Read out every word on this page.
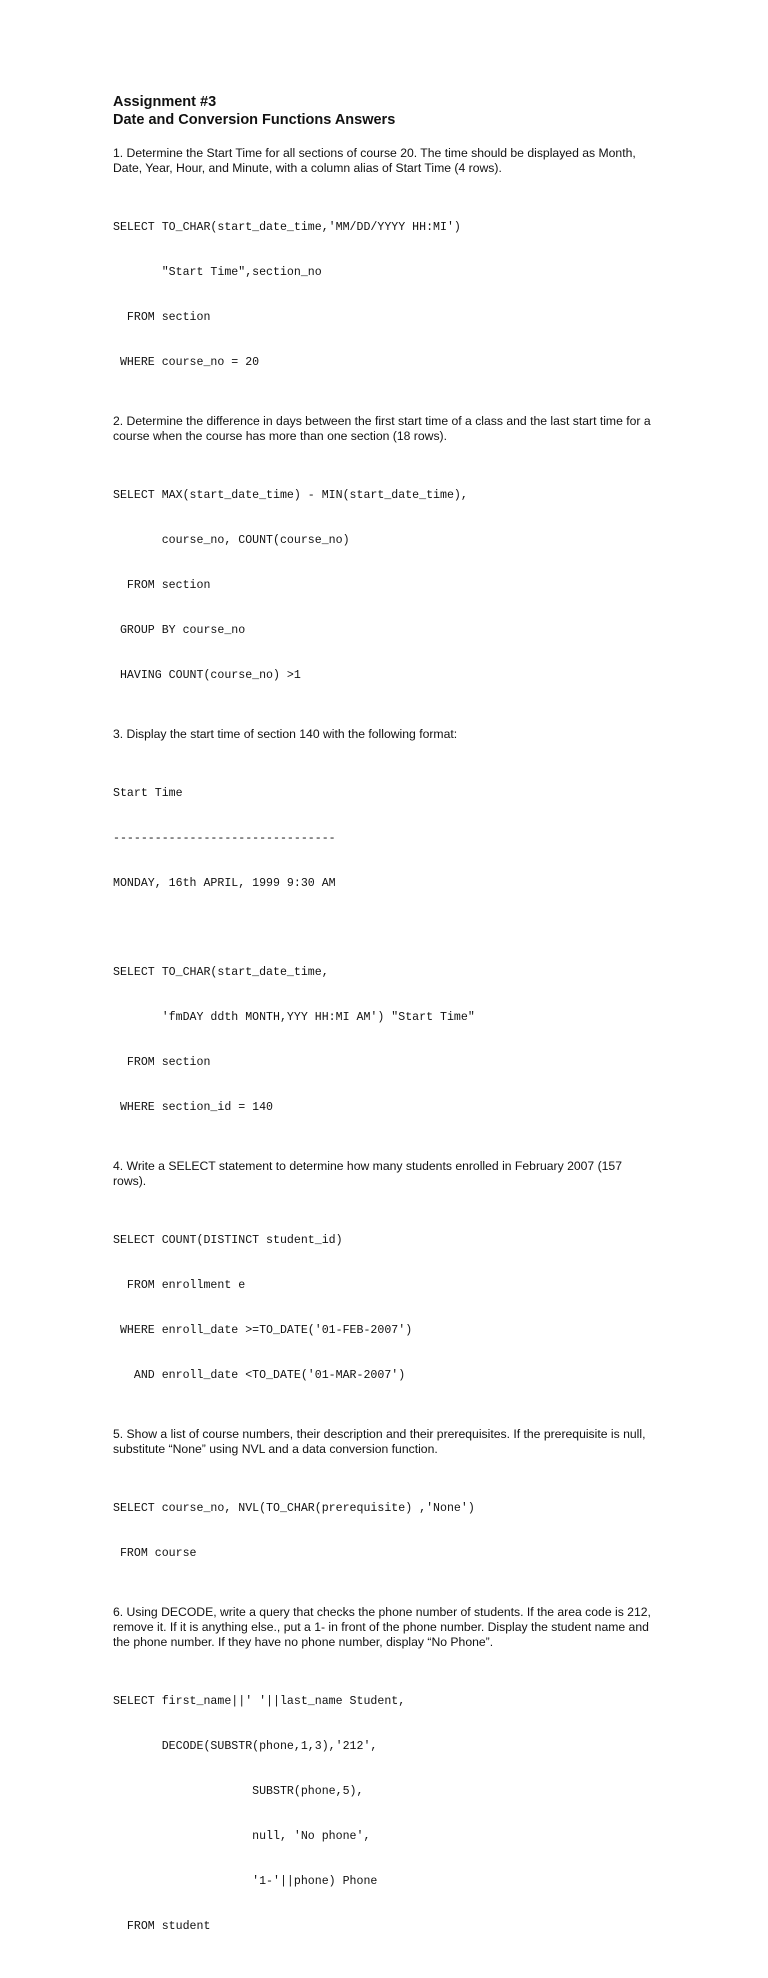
Assignment #3

Date and Conversion Functions Answers

1. Determine the Start Time for all sections of course 20. The time should be displayed as Month, Date, Year, Hour, and Minute, with a column alias of Start Time (4 rows).

SELECT TO_CHAR(start_date_time,'MM/DD/YYYY HH:MI')

"Start Time",section_no

FROM section

WHERE course_no = 20

2. Determine the difference in days between the first start time of a class and the last start time for a course when the course has more than one section (18 rows).

SELECT MAX(start_date_time) - MIN(start_date_time),

course_no, COUNT(course_no)

FROM section

GROUP BY course_no

HAVING COUNT(course_no) >1

3. Display the start time of section 140 with the following format:

Start Time

--------------------------------

MONDAY, 16th APRIL, 1999 9:30 AM

SELECT TO_CHAR(start_date_time,

'fmDAY ddth MONTH,YYY HH:MI AM') "Start Time"

FROM section

WHERE section_id = 140

4. Write a SELECT statement to determine how many students enrolled in February 2007 (157 rows).

SELECT COUNT(DISTINCT student_id)

FROM enrollment e

WHERE enroll_date >=TO_DATE('01-FEB-2007')

AND enroll_date <TO_DATE('01-MAR-2007')

5. Show a list of course numbers, their description and their prerequisites. If the prerequisite is null, substitute “None” using NVL and a data conversion function.

SELECT course_no, NVL(TO_CHAR(prerequisite) ,'None')

FROM course

6. Using DECODE, write a query that checks the phone number of students. If the area code is 212, remove it. If it is anything else., put a 1- in front of the phone number. Display the student name and the phone number. If they have no phone number, display “No Phone”.

SELECT first_name||' '||last_name Student,

DECODE(SUBSTR(phone,1,3),'212',

SUBSTR(phone,5),

null, 'No phone',

'1-'||phone) Phone

FROM student
